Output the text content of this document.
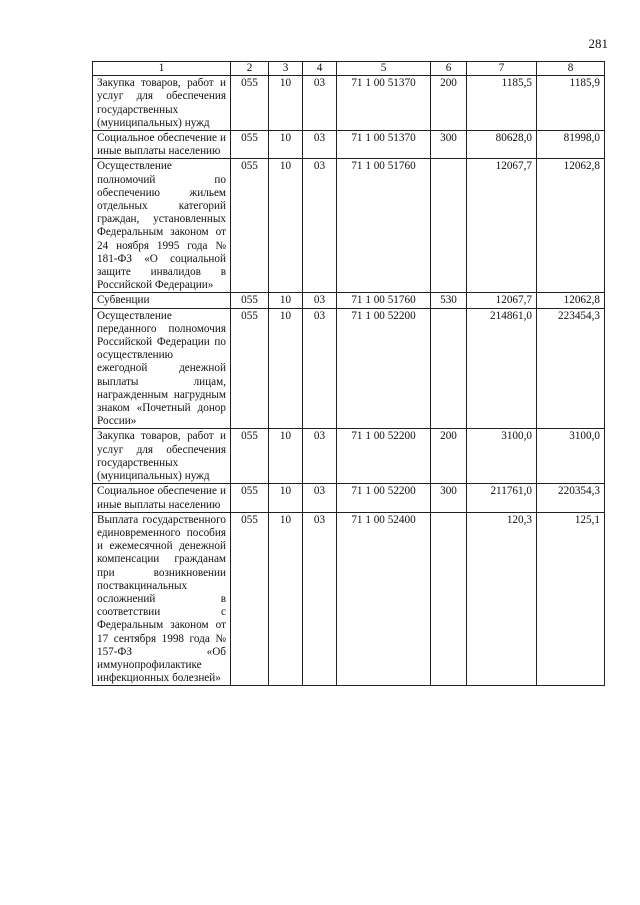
281
1	2	3	4	5	6	7	8
Закупка товаров, работ и услуг для обеспечения государственных (муниципальных) нужд	055	10	03	71 1 00 51370	200	1185,5	1185,9
Социальное обеспечение и иные выплаты населению	055	10	03	71 1 00 51370	300	80628,0	81998,0
Осуществление полномочий по обеспечению жильем отдельных категорий граждан, установленных Федеральным законом от 24 ноября 1995 года № 181-ФЗ «О социальной защите инвалидов в Российской Федерации»	055	10	03	71 1 00 51760		12067,7	12062,8
Субвенции	055	10	03	71 1 00 51760	530	12067,7	12062,8
Осуществление переданного полномочия Российской Федерации по осуществлению ежегодной денежной выплаты лицам, награжденным нагрудным знаком «Почетный донор России»	055	10	03	71 1 00 52200		214861,0	223454,3
Закупка товаров, работ и услуг для обеспечения государственных (муниципальных) нужд	055	10	03	71 1 00 52200	200	3100,0	3100,0
Социальное обеспечение и иные выплаты населению	055	10	03	71 1 00 52200	300	211761,0	220354,3
Выплата государственного единовременного пособия и ежемесячной денежной компенсации гражданам при возникновении поствакцинальных осложнений в соответствии с Федеральным законом от 17 сентября 1998 года № 157-ФЗ «Об иммунопрофилактике инфекционных болезней»	055	10	03	71 1 00 52400		120,3	125,1
